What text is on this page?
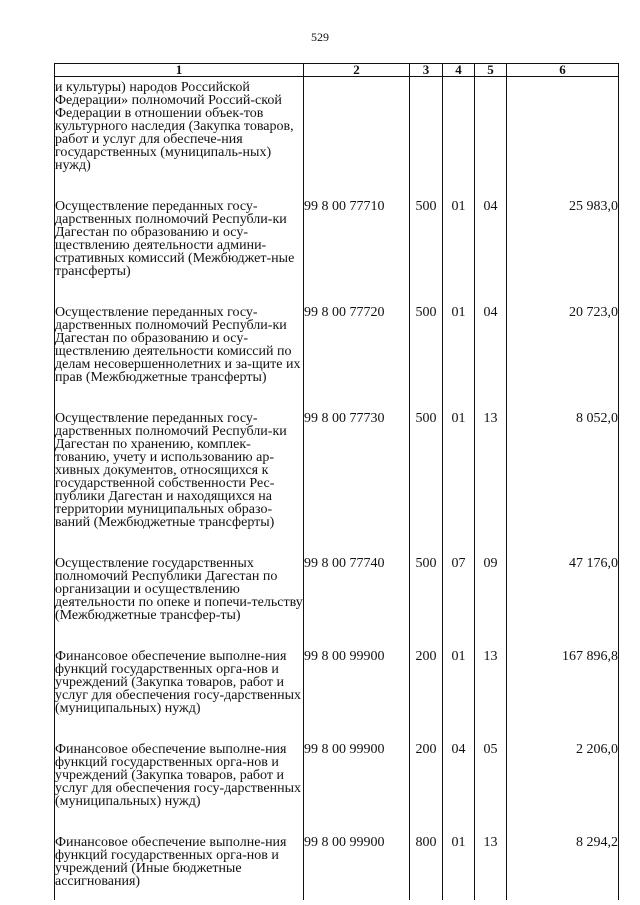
529
1	2	3	4	5	6
и культуры) народов Российской Федерации» полномочий Россий-ской Федерации в отношении объек-тов культурного наследия (Закупка товаров, работ и услуг для обеспече-ния государственных (муниципаль-ных) нужд)					
Осуществление переданных госу-дарственных полномочий Республи-ки Дагестан по образованию и осу-ществлению деятельности админи-стративных комиссий (Межбюджет-ные трансферты)	99 8 00 77710	500	01	04	25 983,0
Осуществление переданных госу-дарственных полномочий Республи-ки Дагестан по образованию и осу-ществлению деятельности комиссий по делам несовершеннолетних и за-щите их прав (Межбюджетные трансферты)	99 8 00 77720	500	01	04	20 723,0
Осуществление переданных госу-дарственных полномочий Республи-ки Дагестан по хранению, комплек-тованию, учету и использованию ар-хивных документов, относящихся к государственной собственности Рес-публики Дагестан и находящихся на территории муниципальных образо-ваний (Межбюджетные трансферты)	99 8 00 77730	500	01	13	8 052,0
Осуществление государственных полномочий Республики Дагестан по организации и осуществлению деятельности по опеке и попечи-тельству (Межбюджетные трансфер-ты)	99 8 00 77740	500	07	09	47 176,0
Финансовое обеспечение выполне-ния функций государственных орга-нов и учреждений (Закупка товаров, работ и услуг для обеспечения госу-дарственных (муниципальных) нужд)	99 8 00 99900	200	01	13	167 896,8
Финансовое обеспечение выполне-ния функций государственных орга-нов и учреждений (Закупка товаров, работ и услуг для обеспечения госу-дарственных (муниципальных) нужд)	99 8 00 99900	200	04	05	2 206,0
Финансовое обеспечение выполне-ния функций государственных орга-нов и учреждений (Иные бюджетные ассигнования)	99 8 00 99900	800	01	13	8 294,2
